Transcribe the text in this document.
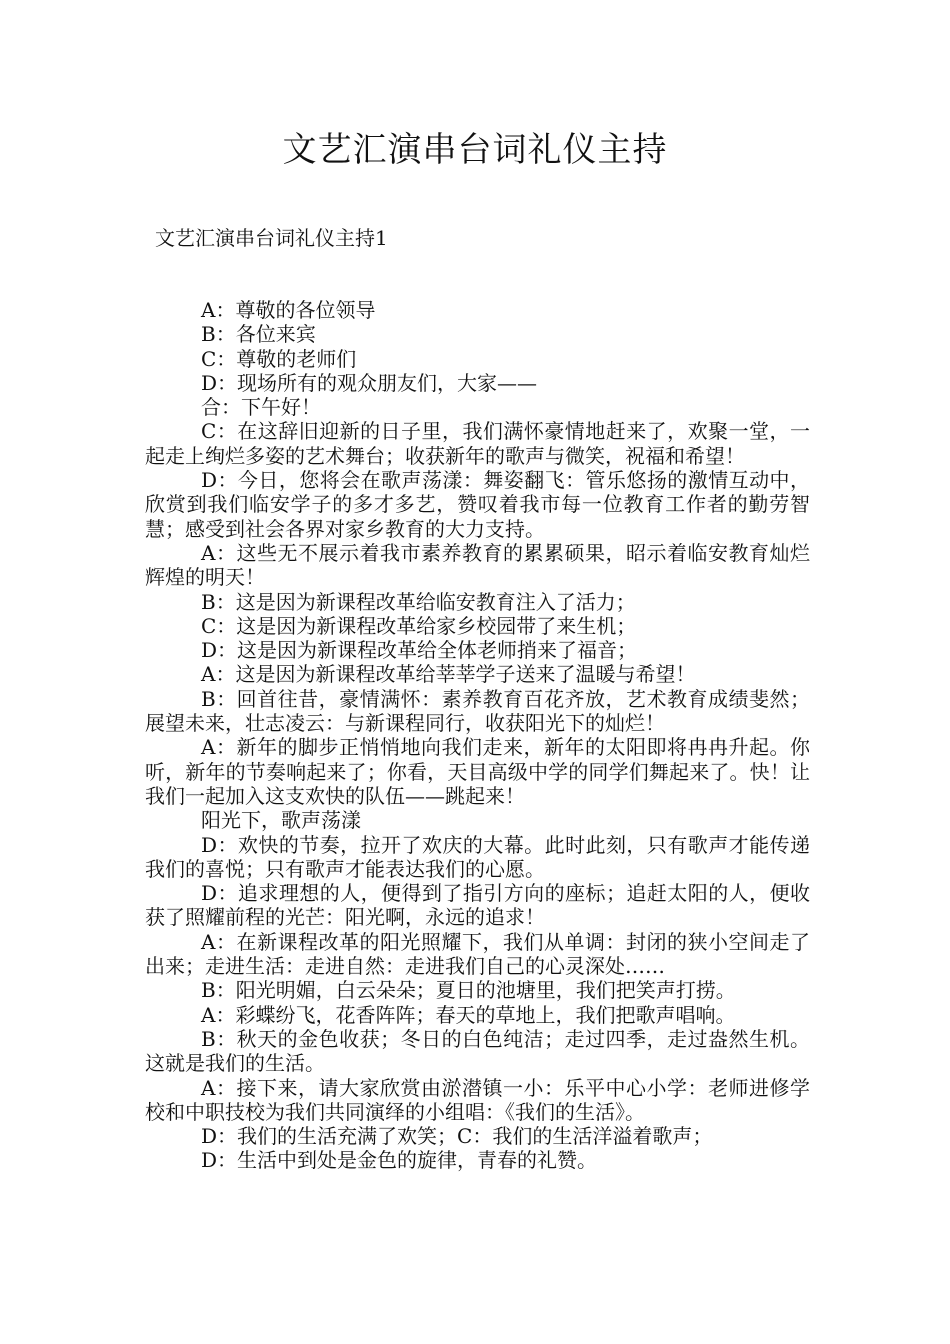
文艺汇演串台词礼仪主持
文艺汇演串台词礼仪主持1

A：尊敬的各位领导

B：各位来宾

C：尊敬的老师们

D：现场所有的观众朋友们，大家——

合：下午好！

C：在这辞旧迎新的日子里，我们满怀豪情地赶来了，欢聚一堂，一起走上绚烂多姿的艺术舞台；收获新年的歌声与微笑，祝福和希望！

D：今日，您将会在歌声荡漾：舞姿翻飞：管乐悠扬的激情互动中，欣赏到我们临安学子的多才多艺，赞叹着我市每一位教育工作者的勤劳智慧；感受到社会各界对家乡教育的大力支持。

A：这些无不展示着我市素养教育的累累硕果，昭示着临安教育灿烂辉煌的明天！

B：这是因为新课程改革给临安教育注入了活力；

C：这是因为新课程改革给家乡校园带了来生机；

D：这是因为新课程改革给全体老师捎来了福音；

A：这是因为新课程改革给莘莘学子送来了温暖与希望！

B：回首往昔，豪情满怀：素养教育百花齐放，艺术教育成绩斐然；展望未来，壮志凌云：与新课程同行，收获阳光下的灿烂！

A：新年的脚步正悄悄地向我们走来，新年的太阳即将冉冉升起。你听，新年的节奏响起来了；你看，天目高级中学的同学们舞起来了。快！让我们一起加入这支欢快的队伍——跳起来！

阳光下，歌声荡漾

D：欢快的节奏，拉开了欢庆的大幕。此时此刻，只有歌声才能传递我们的喜悦；只有歌声才能表达我们的心愿。

D：追求理想的人，便得到了指引方向的座标；追赶太阳的人，便收获了照耀前程的光芒：阳光啊，永远的追求！

A：在新课程改革的阳光照耀下，我们从单调：封闭的狭小空间走了出来；走进生活：走进自然：走进我们自己的心灵深处……

B：阳光明媚，白云朵朵；夏日的池塘里，我们把笑声打捞。

A：彩蝶纷飞，花香阵阵；春天的草地上，我们把歌声唱响。

B：秋天的金色收获；冬日的白色纯洁；走过四季，走过盎然生机。这就是我们的生活。

A：接下来，请大家欣赏由淤潜镇一小：乐平中心小学：老师进修学校和中职技校为我们共同演绎的小组唱：《我们的生活》。

D：我们的生活充满了欢笑；C：我们的生活洋溢着歌声；

D：生活中到处是金色的旋律，青春的礼赞。
